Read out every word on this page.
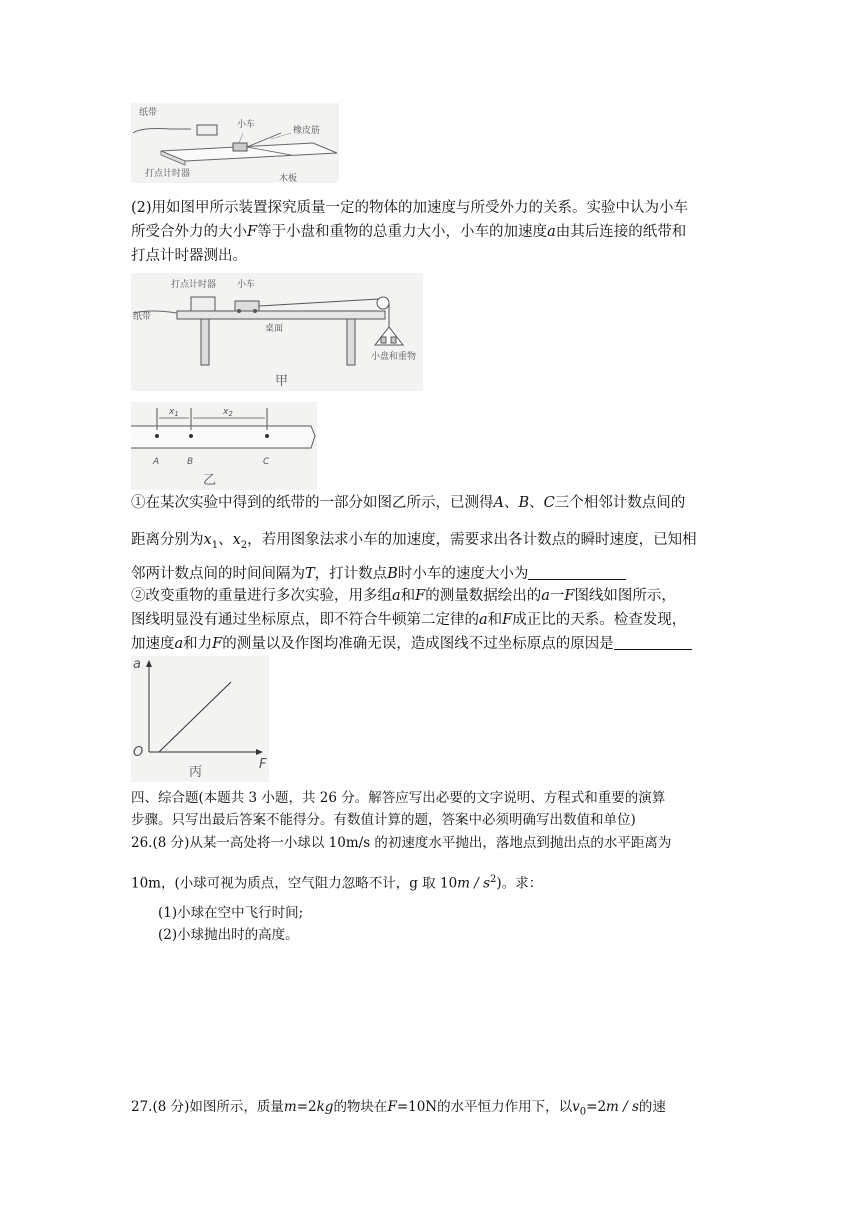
纸带
小车
橡皮筋
打点计时器	木板
(2)用如图甲所示装置探究质量一定的物体的加速度与所受外力的关系。实验中认为小车
所受合外力的大小F等于小盘和重物的总重力大小，小车的加速度a由其后连接的纸带和
打点计时器测出。
打点计时器 小车
纸带
桌面
小盘和重物
甲
$x_1$	$x_2$
A	B	C
乙
①在某次实验中得到的纸带的一部分如图乙所示，已测得A、B、C三个相邻计数点间的
距离分别为$x_1$、$x_2$，若用图象法求小车的加速度，需要求出各计数点的瞬时速度，已知相
邻两计数点间的时间间隔为T，打计数点B时小车的速度大小为
②改变重物的重量进行多次实验，用多组a和F的测量数据绘出的a一F图线如图所示，
图线明显没有通过坐标原点，即不符合牛顿第二定律的a和F成正比的天系。检查发现，
加速度a和力F的测量以及作图均准确无误，造成图线不过坐标原点的原因是
a
F
O
丙
四、综合题(本题共 3 小题，共 26 分。解答应写出必要的文字说明、方程式和重要的演算
步骤。只写出最后答案不能得分。有数值计算的题，答案中必须明确写出数值和单位)
26.(8 分)从某一高处将一小球以 10m/s 的初速度水平抛出，落地点到抛出点的水平距离为
10m，(小球可视为质点，空气阻力忽略不计，g 取 $10m / s^2$)。求：
(1)小球在空中飞行时间;
(2)小球抛出时的高度。
27.(8 分)如图所示，质量m=2kg的物块在F=10N的水平恒力作用下，以$v_0=2m / s$的速
